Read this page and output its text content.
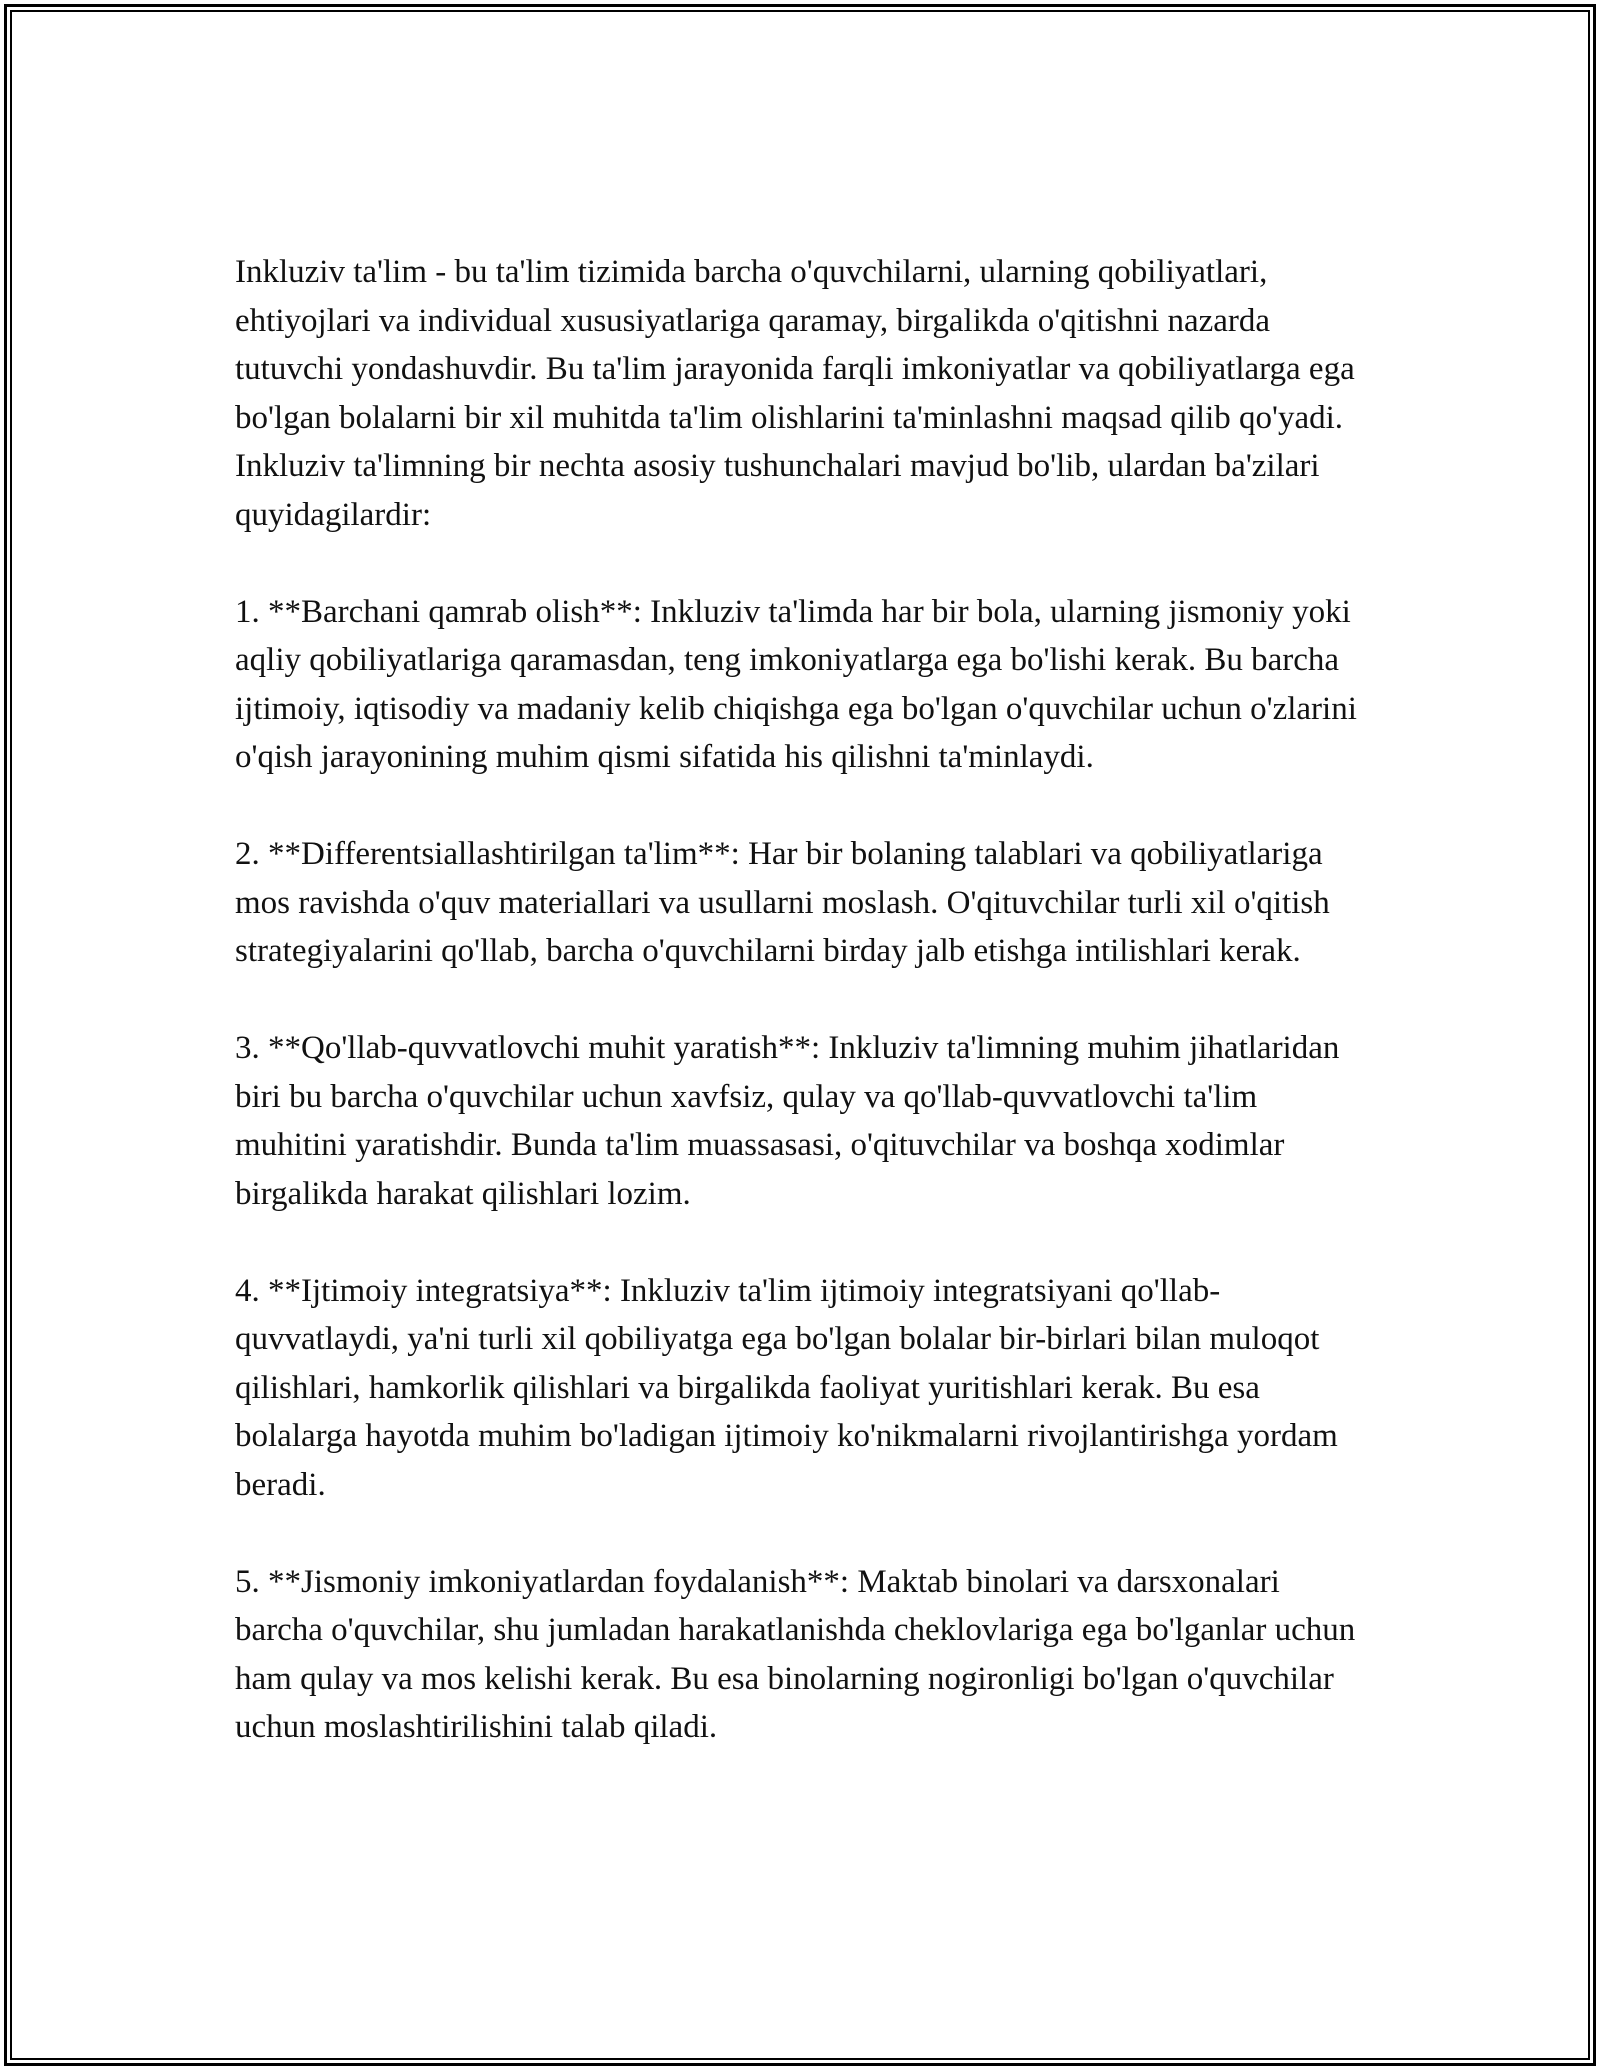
Inkluziv ta'lim - bu ta'lim tizimida barcha o'quvchilarni, ularning qobiliyatlari, ehtiyojlari va individual xususiyatlariga qaramay, birgalikda o'qitishni nazarda tutuvchi yondashuvdir. Bu ta'lim jarayonida farqli imkoniyatlar va qobiliyatlarga ega bo'lgan bolalarni bir xil muhitda ta'lim olishlarini ta'minlashni maqsad qilib qo'yadi. Inkluziv ta'limning bir nechta asosiy tushunchalari mavjud bo'lib, ulardan ba'zilari quyidagilardir:

1. **Barchani qamrab olish**: Inkluziv ta'limda har bir bola, ularning jismoniy yoki aqliy qobiliyatlariga qaramasdan, teng imkoniyatlarga ega bo'lishi kerak. Bu barcha ijtimoiy, iqtisodiy va madaniy kelib chiqishga ega bo'lgan o'quvchilar uchun o'zlarini o'qish jarayonining muhim qismi sifatida his qilishni ta'minlaydi.

2. **Differentsiallashtirilgan ta'lim**: Har bir bolaning talablari va qobiliyatlariga mos ravishda o'quv materiallari va usullarni moslash. O'qituvchilar turli xil o'qitish strategiyalarini qo'llab, barcha o'quvchilarni birday jalb etishga intilishlari kerak.

3. **Qo'llab-quvvatlovchi muhit yaratish**: Inkluziv ta'limning muhim jihatlaridan biri bu barcha o'quvchilar uchun xavfsiz, qulay va qo'llab-quvvatlovchi ta'lim muhitini yaratishdir. Bunda ta'lim muassasasi, o'qituvchilar va boshqa xodimlar birgalikda harakat qilishlari lozim.

4. **Ijtimoiy integratsiya**: Inkluziv ta'lim ijtimoiy integratsiyani qo'llab-quvvatlaydi, ya'ni turli xil qobiliyatga ega bo'lgan bolalar bir-birlari bilan muloqot qilishlari, hamkorlik qilishlari va birgalikda faoliyat yuritishlari kerak. Bu esa bolalarga hayotda muhim bo'ladigan ijtimoiy ko'nikmalarni rivojlantirishga yordam beradi.

5. **Jismoniy imkoniyatlardan foydalanish**: Maktab binolari va darsxonalari barcha o'quvchilar, shu jumladan harakatlanishda cheklovlariga ega bo'lganlar uchun ham qulay va mos kelishi kerak. Bu esa binolarning nogironligi bo'lgan o'quvchilar uchun moslashtirilishini talab qiladi.
